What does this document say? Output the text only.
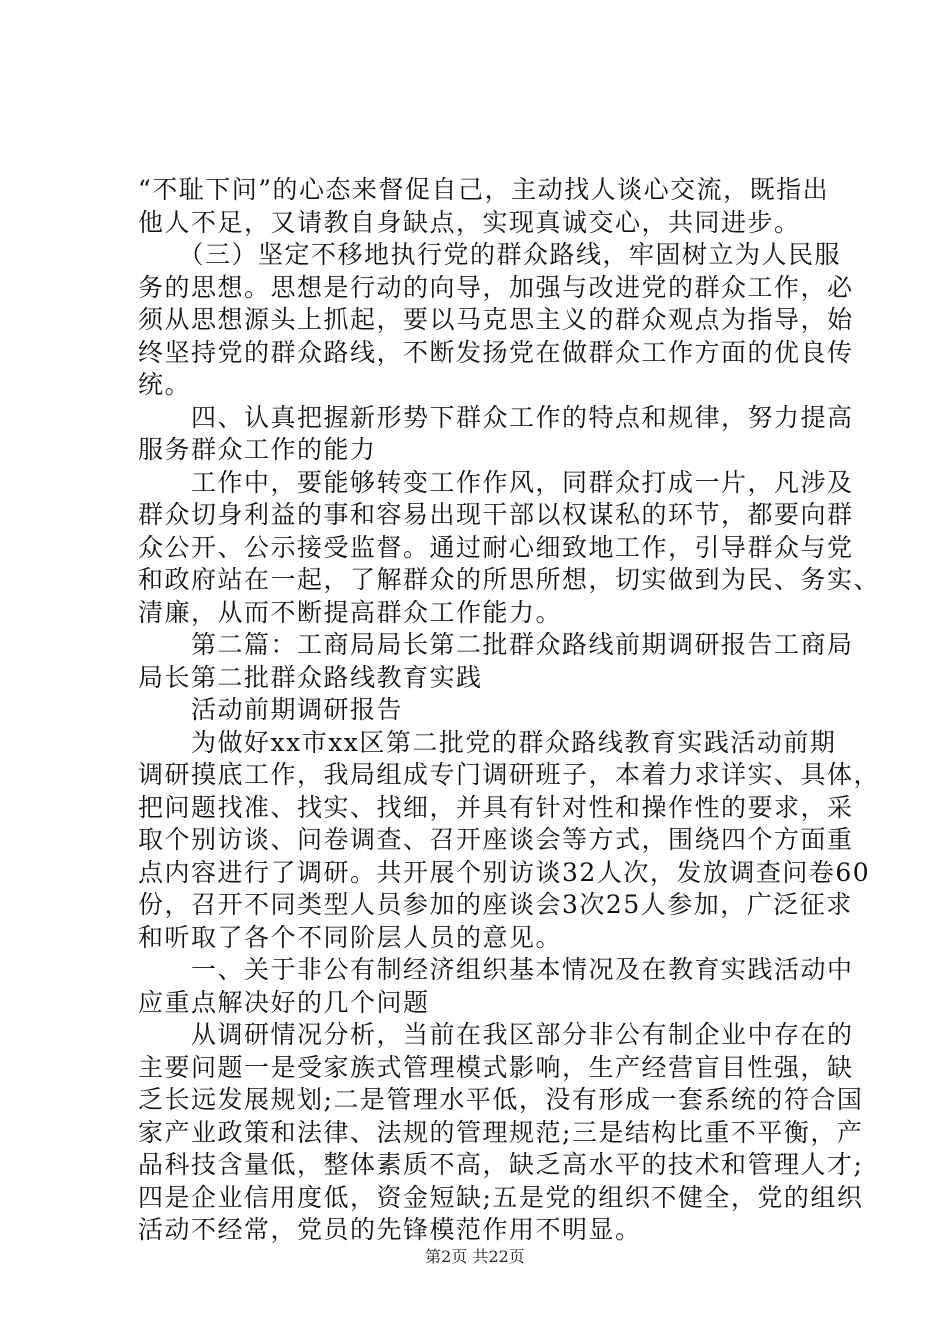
“不耻下问”的心态来督促自己，主动找人谈心交流，既指出
他人不足，又请教自身缺点，实现真诚交心，共同进步。
　　（三）坚定不移地执行党的群众路线，牢固树立为人民服
务的思想。思想是行动的向导，加强与改进党的群众工作，必
须从思想源头上抓起，要以马克思主义的群众观点为指导，始
终坚持党的群众路线，不断发扬党在做群众工作方面的优良传
统。
　　四、认真把握新形势下群众工作的特点和规律，努力提高
服务群众工作的能力
　　工作中，要能够转变工作作风，同群众打成一片，凡涉及
群众切身利益的事和容易出现干部以权谋私的环节，都要向群
众公开、公示接受监督。通过耐心细致地工作，引导群众与党
和政府站在一起，了解群众的所思所想，切实做到为民、务实、
清廉，从而不断提高群众工作能力。
　　第二篇：工商局局长第二批群众路线前期调研报告工商局
局长第二批群众路线教育实践
　　活动前期调研报告
　　为做好xx市xx区第二批党的群众路线教育实践活动前期
调研摸底工作，我局组成专门调研班子，本着力求详实、具体，
把问题找准、找实、找细，并具有针对性和操作性的要求，采
取个别访谈、问卷调查、召开座谈会等方式，围绕四个方面重
点内容进行了调研。共开展个别访谈32人次，发放调查问卷60
份，召开不同类型人员参加的座谈会3次25人参加，广泛征求
和听取了各个不同阶层人员的意见。
　　一、关于非公有制经济组织基本情况及在教育实践活动中
应重点解决好的几个问题
　　从调研情况分析，当前在我区部分非公有制企业中存在的
主要问题一是受家族式管理模式影响，生产经营盲目性强，缺
乏长远发展规划;二是管理水平低，没有形成一套系统的符合国
家产业政策和法律、法规的管理规范;三是结构比重不平衡，产
品科技含量低，整体素质不高，缺乏高水平的技术和管理人才;
四是企业信用度低，资金短缺;五是党的组织不健全，党的组织
活动不经常，党员的先锋模范作用不明显。
第2页 共22页
